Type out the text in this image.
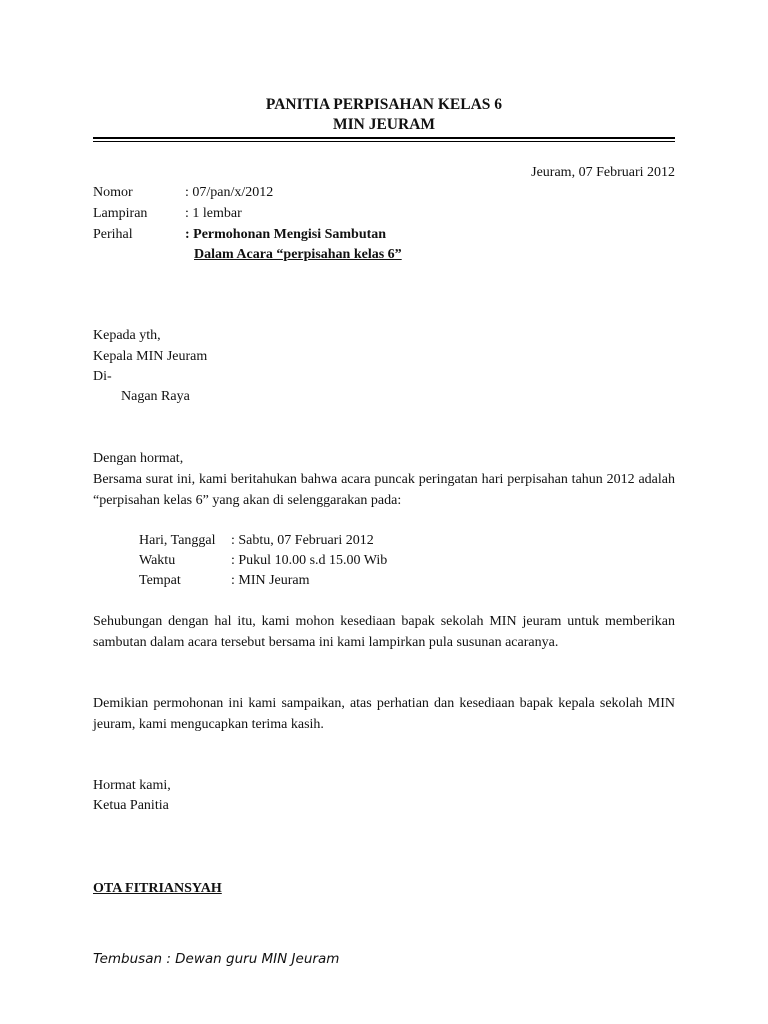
PANITIA PERPISAHAN KELAS 6
MIN JEURAM
Jeuram, 07 Februari 2012
Nomor	: 07/pan/x/2012
Lampiran	: 1 lembar
Perihal	: Permohonan Mengisi Sambutan
Dalam Acara “perpisahan kelas 6”
Kepada yth,
Kepala MIN Jeuram
Di-
Nagan Raya
Dengan hormat,
Bersama surat ini, kami beritahukan bahwa acara puncak peringatan hari perpisahan tahun 2012 adalah “perpisahan kelas 6” yang akan di selenggarakan pada:
Hari, Tanggal : Sabtu, 07 Februari 2012
Waktu	: Pukul 10.00 s.d 15.00 Wib
Tempat	: MIN Jeuram
Sehubungan dengan hal itu, kami mohon kesediaan bapak sekolah MIN jeuram untuk memberikan sambutan dalam acara tersebut bersama ini kami lampirkan pula susunan acaranya.
Demikian permohonan ini kami sampaikan, atas perhatian dan kesediaan bapak kepala sekolah MIN jeuram, kami mengucapkan terima kasih.
Hormat kami,
Ketua Panitia
OTA FITRIANSYAH
Tembusan : Dewan guru MIN Jeuram
